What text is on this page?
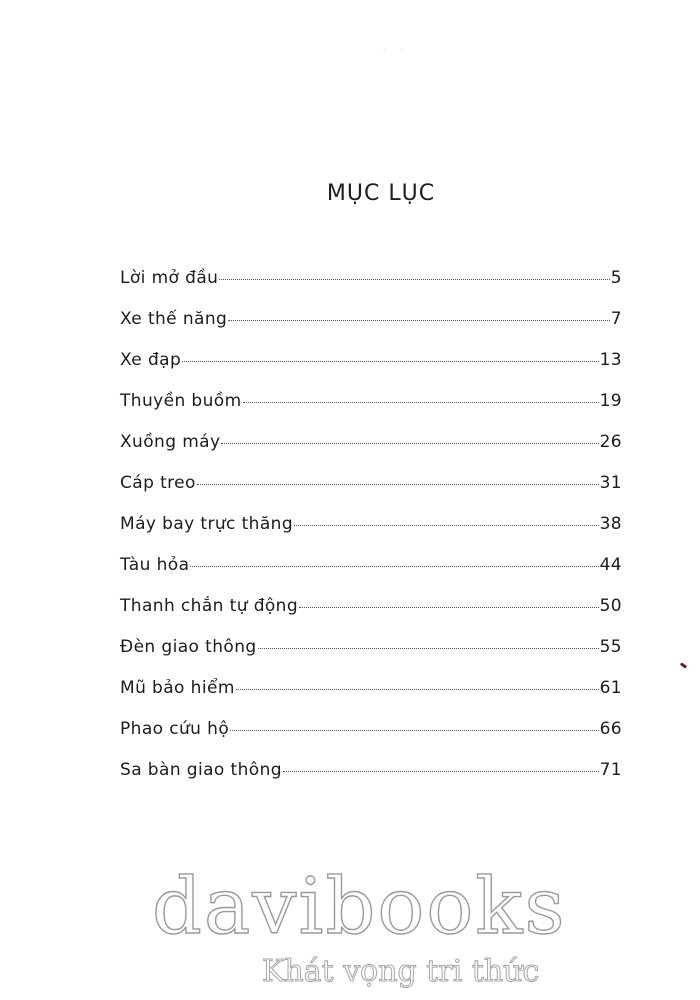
· ·
MỤC LỤC
Lời mở đầu	5
Xe thế năng	7
Xe đạp	13
Thuyền buồm	19
Xuồng máy	26
Cáp treo	31
Máy bay trực thăng	38
Tàu hỏa	44
Thanh chắn tự động	50
Đèn giao thông	55
Mũ bảo hiểm	61
Phao cứu hộ	66
Sa bàn giao thông	71
davibooks
Khát vọng tri thức
